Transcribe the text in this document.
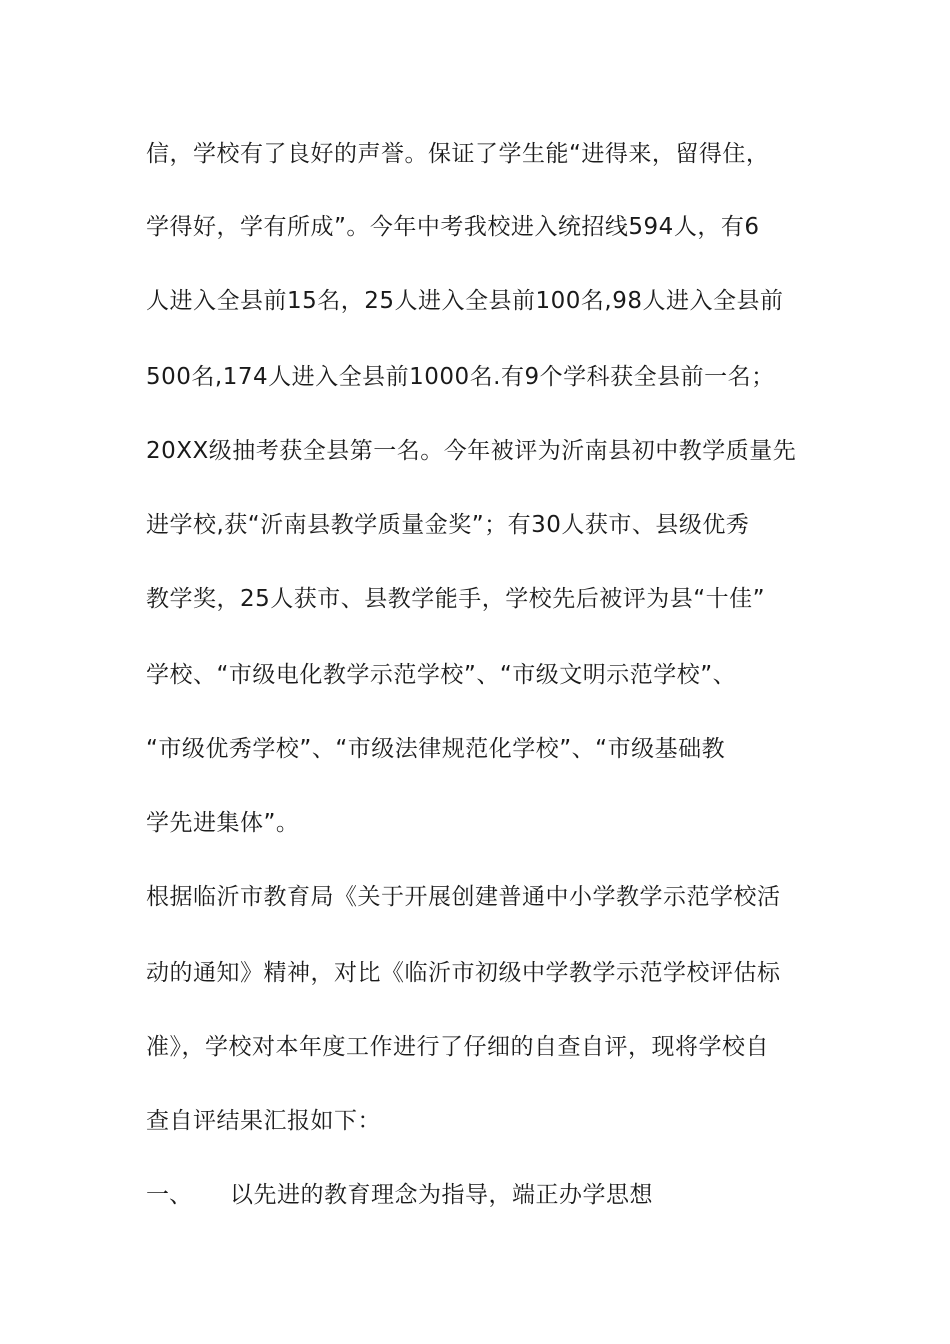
信，学校有了良好的声誉。保证了学生能“进得来，留得住，
学得好，学有所成”。今年中考我校进入统招线594人，有6
人进入全县前15名，25人进入全县前100名,98人进入全县前
500名,174人进入全县前1000名.有9个学科获全县前一名；
20XX级抽考获全县第一名。今年被评为沂南县初中教学质量先
进学校,获“沂南县教学质量金奖”；有30人获市、县级优秀
教学奖，25人获市、县教学能手，学校先后被评为县“十佳”
学校、“市级电化教学示范学校”、“市级文明示范学校”、
“市级优秀学校”、“市级法律规范化学校”、“市级基础教
学先进集体”。
根据临沂市教育局《关于开展创建普通中小学教学示范学校活
动的通知》精神，对比《临沂市初级中学教学示范学校评估标
准》，学校对本年度工作进行了仔细的自查自评，现将学校自
查自评结果汇报如下：
一、 以先进的教育理念为指导，端正办学思想
